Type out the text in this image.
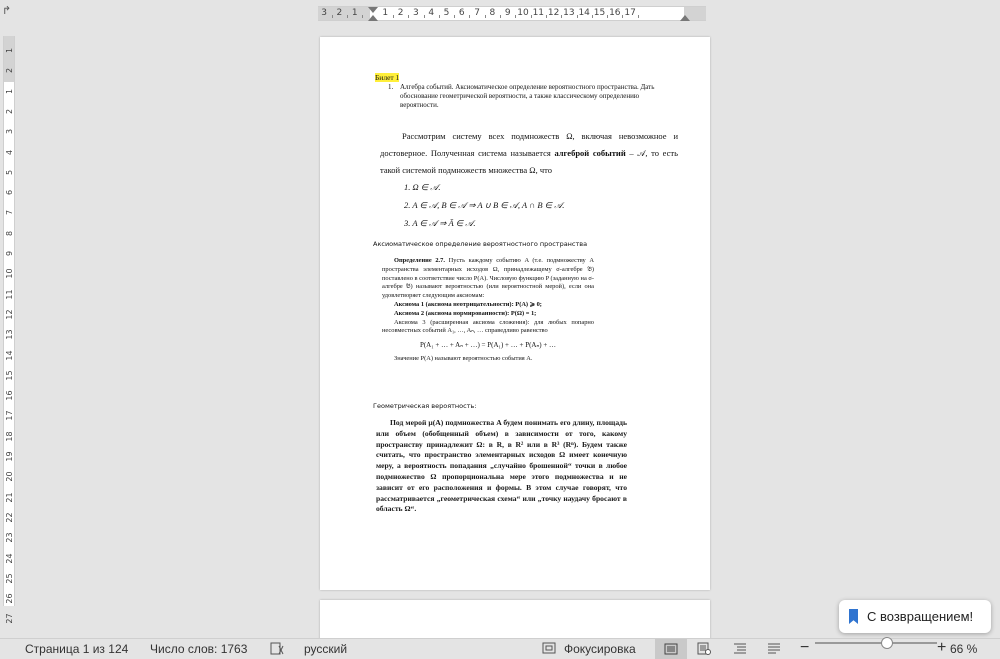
↱	3 2 1	1 2 3 4 5 6 7 8 9 10 11 12 13 14 15 16 17
1
2
1
2
3
4
5
6
7
8
9
10
11
12
13
14
15
16
17
18
19
20
21
22
23
24
25
26
27
Билет 1
1. Алгебра событий. Аксиоматическое определение вероятностного пространства. Дать обоснование геометрической вероятности, а также классическому определению вероятности.
Рассмотрим систему всех подмножеств Ω, включая невозможное и достоверное. Полученная система называется алгеброй событий – 𝒜, то есть такой системой подмножеств множества Ω, что
1. Ω ∈ 𝒜.
2. A ∈ 𝒜, B ∈ 𝒜 ⇒ A ∪ B ∈ 𝒜, A ∩ B ∈ 𝒜.
3. A ∈ 𝒜 ⇒ Ā ∈ 𝒜.
Аксиоматическое определение вероятностного пространства
Определение 2.7. Пусть каждому событию A (т.е. подмножеству A пространства элементарных исходов Ω, принадлежащему σ-алгебре 𝔅) поставлено в соответствие число P(A). Числовую функцию P (заданную на σ-алгебре 𝔅) называют вероятностью (или вероятностной мерой), если она удовлетворяет следующим аксиомам:
Аксиома 1 (аксиома неотрицательности): P(A) ⩾ 0;
Аксиома 2 (аксиома нормированности): P(Ω) = 1;
Аксиома 3 (расширенная аксиома сложения): для любых попарно несовместных событий A₁, …, Aₙ, … справедливо равенство
P(A₁ + … + Aₙ + …) = P(A₁) + … + P(Aₙ) + …
Значение P(A) называют вероятностью события A.
Геометрическая вероятность:
Под мерой μ(A) подмножества A будем понимать его длину, площадь или объем (обобщенный объем) в зависимости от того, какому пространству принадлежит Ω: в R, в R² или в R³ (Rⁿ). Будем также считать, что пространство элементарных исходов Ω имеет конечную меру, а вероятность попадания „случайно брошенной“ точки в любое подмножество Ω пропорциональна мере этого подмножества и не зависит от его расположения и формы. В этом случае говорят, что рассматривается „геометрическая схема“ или „точку наудачу бросают в область Ω“.
С возвращением!
Страница 1 из 124 Число слов: 1763	русский	Фокусировка	−	+ 66 %
